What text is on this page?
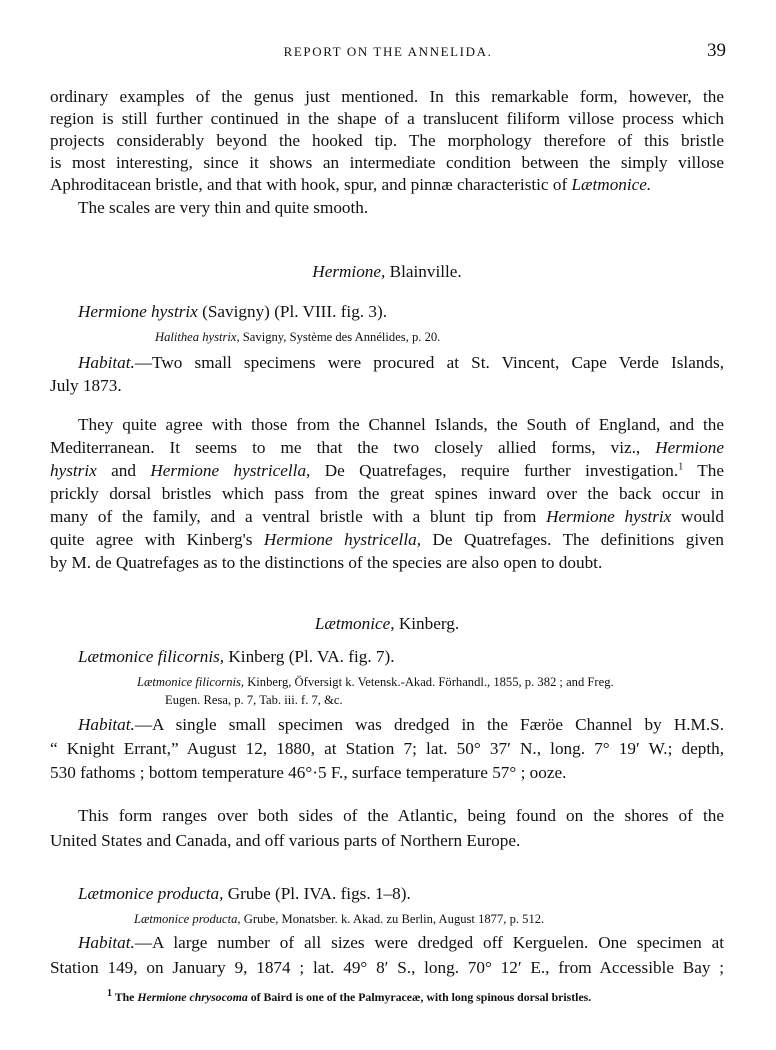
REPORT ON THE ANNELIDA.	39
ordinary examples of the genus just mentioned. In this remarkable form, however, the
region is still further continued in the shape of a translucent filiform villose process which
projects considerably beyond the hooked tip. The morphology therefore of this bristle
is most interesting, since it shows an intermediate condition between the simply villose
Aphroditacean bristle, and that with hook, spur, and pinnæ characteristic of Lætmonice.
The scales are very thin and quite smooth.
Hermione, Blainville.
Hermione hystrix (Savigny) (Pl. VIII. fig. 3).
Halithea hystrix, Savigny, Système des Annélides, p. 20.
Habitat.—Two small specimens were procured at St. Vincent, Cape Verde Islands,
July 1873.
They quite agree with those from the Channel Islands, the South of England, and the
Mediterranean. It seems to me that the two closely allied forms, viz., Hermione
hystrix and Hermione hystricella, De Quatrefages, require further investigation.$^1$ The
prickly dorsal bristles which pass from the great spines inward over the back occur in
many of the family, and a ventral bristle with a blunt tip from Hermione hystrix would
quite agree with Kinberg's Hermione hystricella, De Quatrefages. The definitions given
by M. de Quatrefages as to the distinctions of the species are also open to doubt.
Lætmonice, Kinberg.
Lætmonice filicornis, Kinberg (Pl. VA. fig. 7).
Lætmonice filicornis, Kinberg, Öfversigt k. Vetensk.-Akad. Förhandl., 1855, p. 382 ; and Freg.
Eugen. Resa, p. 7, Tab. iii. f. 7, &c.
Habitat.—A single small specimen was dredged in the Færöe Channel by H.M.S.
“ Knight Errant,” August 12, 1880, at Station 7; lat. 50° 37′ N., long. 7° 19′ W.; depth,
530 fathoms ; bottom temperature 46°·5 F., surface temperature 57° ; ooze.
This form ranges over both sides of the Atlantic, being found on the shores of the
United States and Canada, and off various parts of Northern Europe.
Lætmonice producta, Grube (Pl. IVA. figs. 1–8).
Lætmonice producta, Grube, Monatsber. k. Akad. zu Berlin, August 1877, p. 512.
Habitat.—A large number of all sizes were dredged off Kerguelen. One specimen at
Station 149, on January 9, 1874 ; lat. 49° 8′ S., long. 70° 12′ E., from Accessible Bay ;
$^1$ The Hermione chrysocoma of Baird is one of the Palmyraceæ, with long spinous dorsal bristles.
